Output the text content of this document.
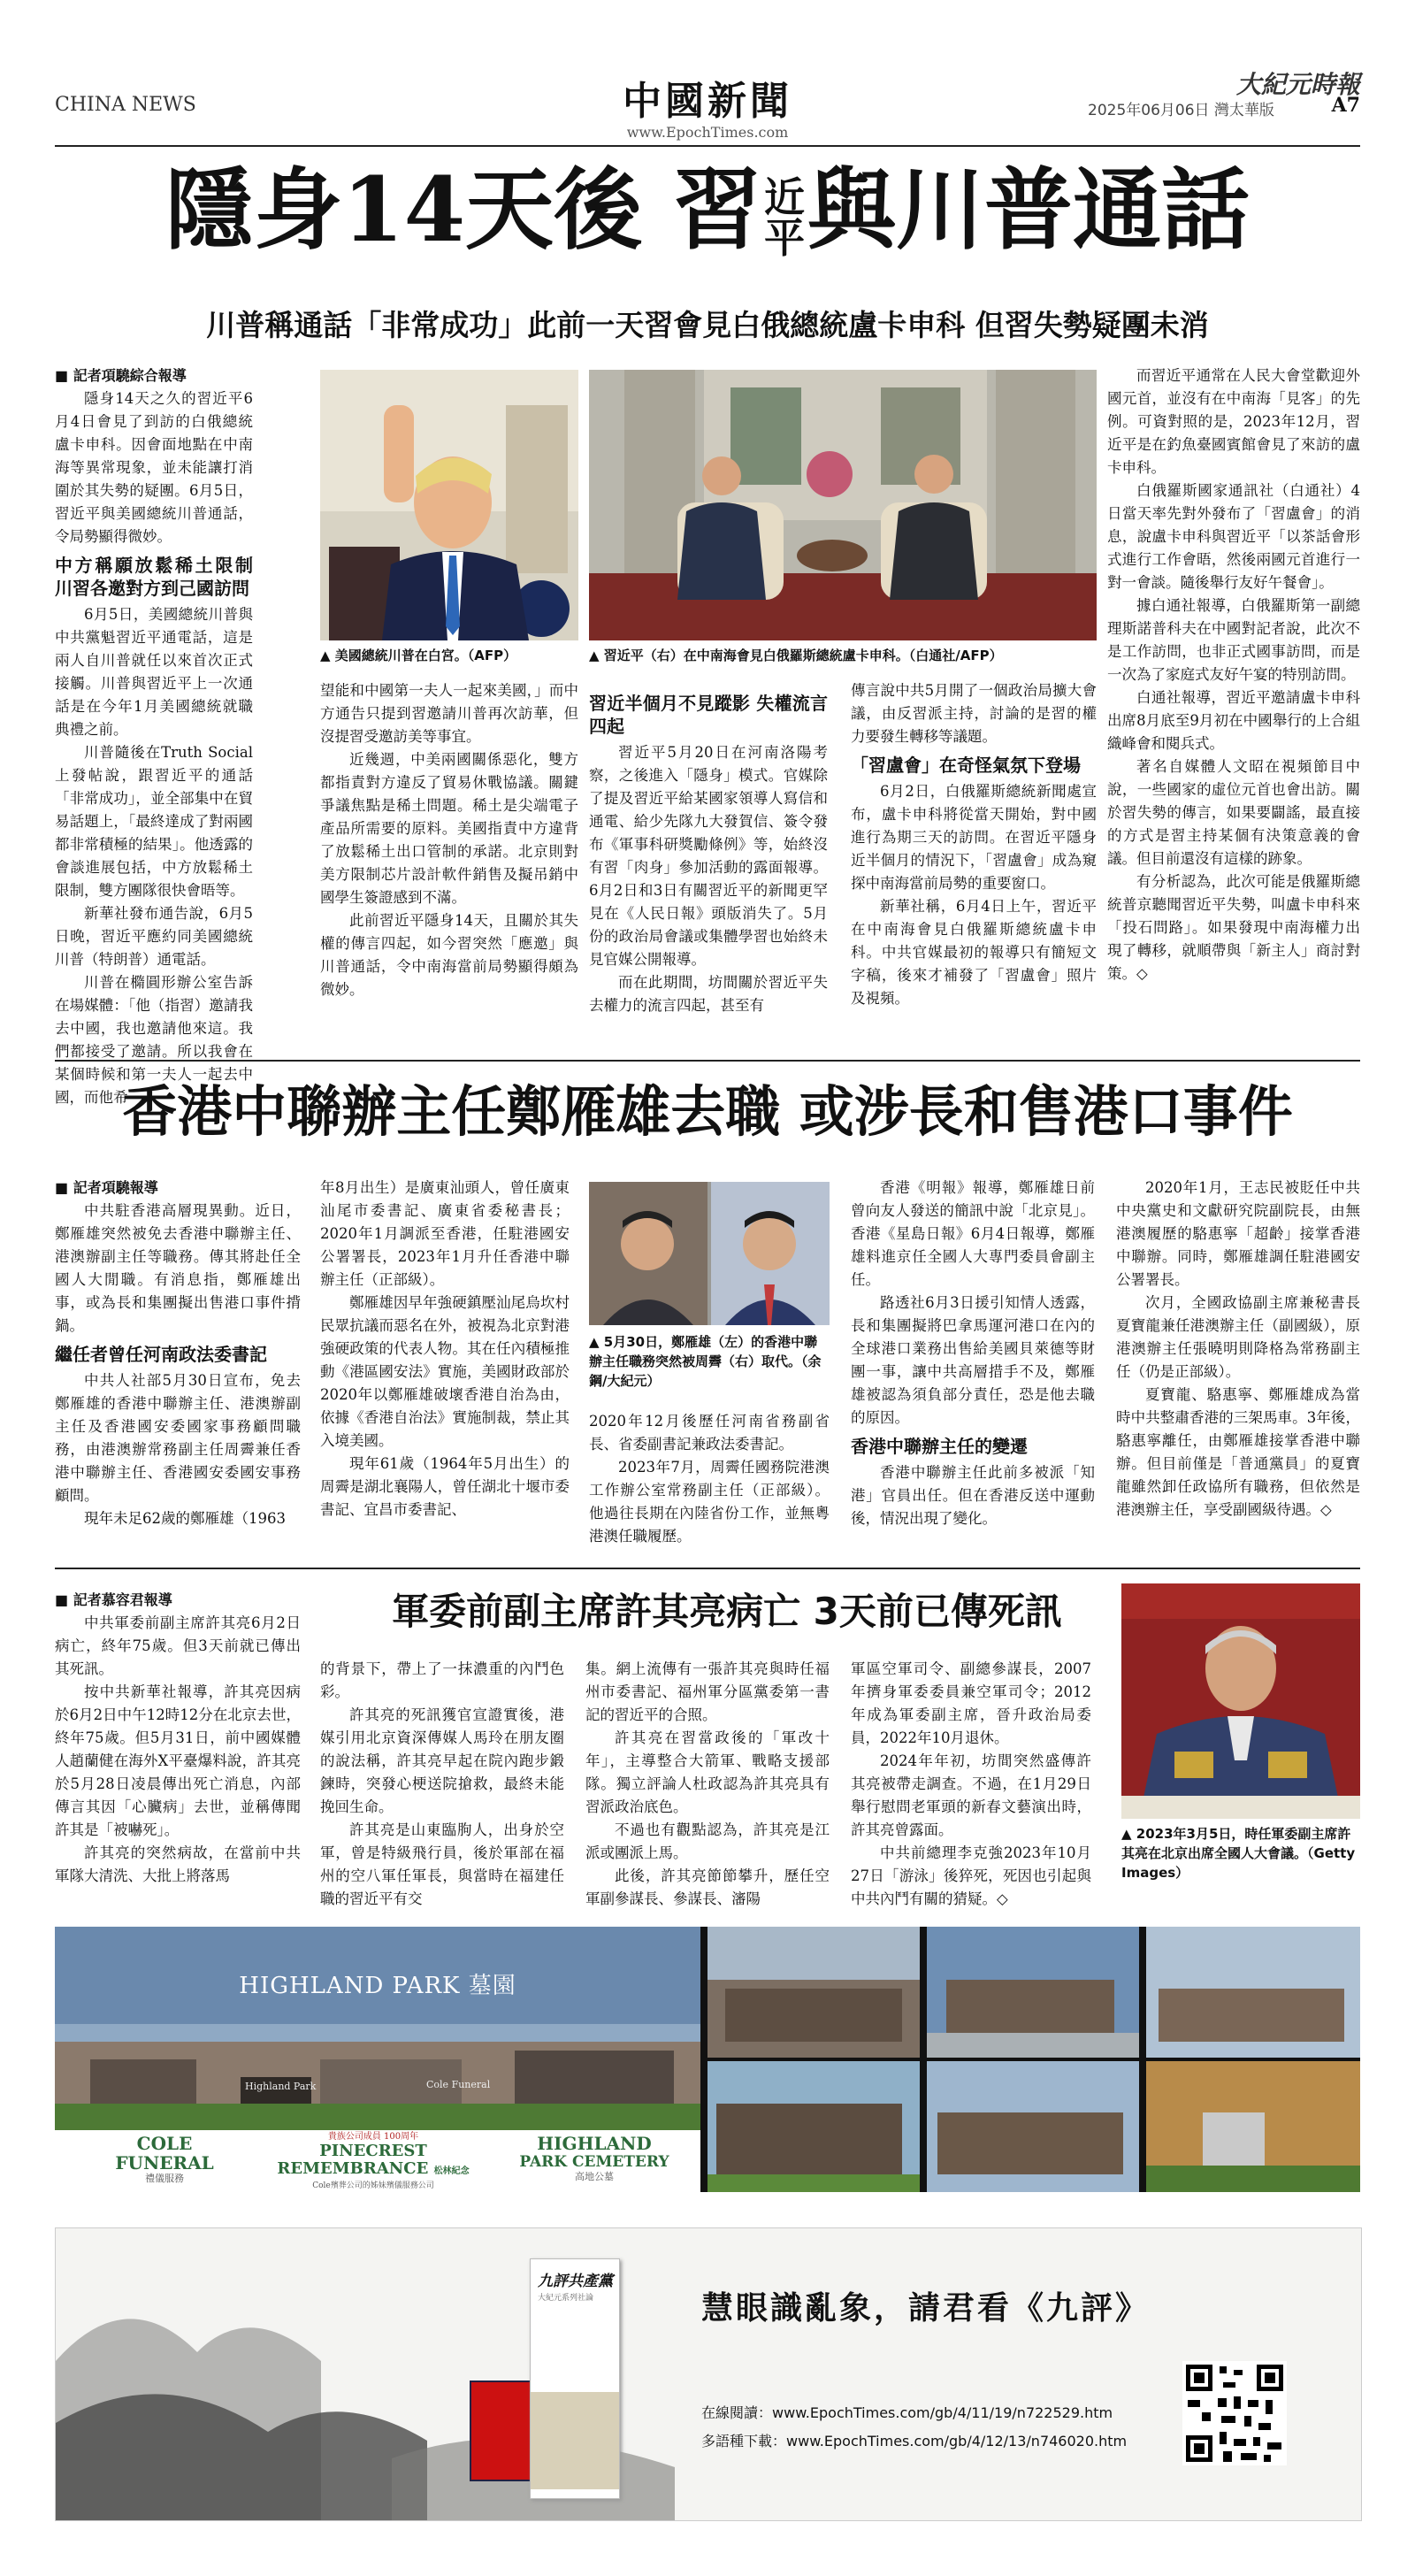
CHINA NEWS	中國新聞
www.EpochTimes.com
大紀元時報
2025年06月06日 灣太華版	A7
隱身14天後 習近平與川普通話
川普稱通話「非常成功」此前一天習會見白俄總統盧卡申科 但習失勢疑團未消

■ 記者項驍綜合報導

隱身14天之久的習近平6月4日會見了到訪的白俄總統盧卡申科。因會面地點在中南海等異常現象，並未能讓打消圍於其失勢的疑團。6月5日，習近平與美國總統川普通話，令局勢顯得微妙。

中方稱願放鬆稀土限制 川習各邀對方到己國訪問

6月5日，美國總統川普與中共黨魁習近平通電話，這是兩人自川普就任以來首次正式接觸。川普與習近平上一次通話是在今年1月美國總統就職典禮之前。

川普隨後在Truth Social上發帖說，跟習近平的通話「非常成功」，並全部集中在貿易話題上，「最終達成了對兩國都非常積極的結果」。他透露的會談進展包括，中方放鬆稀土限制，雙方團隊很快會晤等。

新華社發布通告說，6月5日晚，習近平應約同美國總統川普（特朗普）通電話。

川普在橢圓形辦公室告訴在場媒體：「他（指習）邀請我去中國，我也邀請他來這。我們都接受了邀請。所以我會在某個時候和第一夫人一起去中國，而他希

▲ 美國總統川普在白宮。（AFP）
▲	習近平（右）在中南海會見白俄羅斯總統盧卡申科。（白通社/AFP）

望能和中國第一夫人一起來美國，」而中方通告只提到習邀請川普再次訪華，但沒提習受邀訪美等事宜。

近幾週，中美兩國關係惡化，雙方都指責對方違反了貿易休戰協議。關鍵爭議焦點是稀土問題。稀土是尖端電子產品所需要的原料。美國指責中方違背了放鬆稀土出口管制的承諾。北京則對美方限制芯片設計軟件銷售及擬吊銷中國學生簽證感到不滿。

此前習近平隱身14天，且關於其失權的傳言四起，如今習突然「應邀」與川普通話，令中南海當前局勢顯得頗為微妙。

習近半個月不見蹤影 失權流言四起

習近平5月20日在河南洛陽考察，之後進入「隱身」模式。官媒除了提及習近平給某國家領導人寫信和通電、給少先隊九大發賀信、簽令發布《軍事科研獎勵條例》等，始終沒有習「肉身」參加活動的露面報導。6月2日和3日有關習近平的新聞更罕見在《人民日報》頭版消失了。5月份的政治局會議或集體學習也始終未見官媒公開報導。

而在此期間，坊間關於習近平失去權力的流言四起，甚至有

傳言說中共5月開了一個政治局擴大會議，由反習派主持，討論的是習的權力要發生轉移等議題。

「習盧會」在奇怪氣氛下登場

6月2日，白俄羅斯總統新聞處宣布，盧卡申科將從當天開始，對中國進行為期三天的訪問。在習近平隱身近半個月的情況下，「習盧會」成為窺探中南海當前局勢的重要窗口。

新華社稱，6月4日上午，習近平在中南海會見白俄羅斯總統盧卡申科。中共官媒最初的報導只有簡短文字稿，後來才補發了「習盧會」照片及視頻。

而習近平通常在人民大會堂歡迎外國元首，並沒有在中南海「見客」的先例。可資對照的是，2023年12月，習近平是在釣魚臺國賓館會見了來訪的盧卡申科。

白俄羅斯國家通訊社（白通社）4日當天率先對外發布了「習盧會」的消息，說盧卡申科與習近平「以茶話會形式進行工作會晤，然後兩國元首進行一對一會談。隨後舉行友好午餐會」。

據白通社報導，白俄羅斯第一副總理斯諾普科夫在中國對記者說，此次不是工作訪問，也非正式國事訪問，而是一次為了家庭式友好午宴的特別訪問。

白通社報導，習近平邀請盧卡申科出席8月底至9月初在中國舉行的上合組織峰會和閱兵式。

著名自媒體人文昭在視頻節目中說，一些國家的虛位元首也會出訪。關於習失勢的傳言，如果要闢謠，最直接的方式是習主持某個有決策意義的會議。但目前還沒有這樣的跡象。

有分析認為，此次可能是俄羅斯總統普京聽聞習近平失勢，叫盧卡申科來「投石問路」。如果發現中南海權力出現了轉移，就順帶與「新主人」商討對策。◇

香港中聯辦主任鄭雁雄去職 或涉長和售港口事件

■ 記者項驍報導

中共駐香港高層現異動。近日，鄭雁雄突然被免去香港中聯辦主任、港澳辦副主任等職務。傳其將赴任全國人大閒職。有消息指，鄭雁雄出事，或為長和集團擬出售港口事件揹鍋。

繼任者曾任河南政法委書記

中共人社部5月30日宣布，免去鄭雁雄的香港中聯辦主任、港澳辦副主任及香港國安委國家事務顧問職務，由港澳辦常務副主任周霽兼任香港中聯辦主任、香港國安委國安事務顧問。

現年未足62歲的鄭雁雄（1963

年8月出生）是廣東汕頭人，曾任廣東汕尾市委書記、廣東省委秘書長；2020年1月調派至香港，任駐港國安公署署長，2023年1月升任香港中聯辦主任（正部級）。

鄭雁雄因早年強硬鎮壓汕尾烏坎村民眾抗議而惡名在外，被視為北京對港強硬政策的代表人物。其在任內積極推動《港區國安法》實施，美國財政部於2020年以鄭雁雄破壞香港自治為由，依據《香港自治法》實施制裁，禁止其入境美國。

現年61歲（1964年5月出生）的周霽是湖北襄陽人，曾任湖北十堰市委書記、宜昌市委書記、

▲ 5月30日，鄭雁雄（左）的香港中聯辦主任職務突然被周霽（右）取代。（余鋼/大紀元）

2020年12月後歷任河南省務副省長、省委副書記兼政法委書記。

2023年7月，周霽任國務院港澳工作辦公室常務副主任（正部級）。他過往長期在內陸省份工作，並無粵港澳任職履歷。

香港《明報》報導，鄭雁雄日前曾向友人發送的簡訊中說「北京見」。香港《星島日報》6月4日報導，鄭雁雄料進京任全國人大專門委員會副主任。

路透社6月3日援引知情人透露，長和集團擬將巴拿馬運河港口在內的全球港口業務出售給美國貝萊德等財團一事，讓中共高層措手不及，鄭雁雄被認為須負部分責任，恐是他去職的原因。

香港中聯辦主任的變遷

香港中聯辦主任此前多被派「知港」官員出任。但在香港反送中運動後，情況出現了變化。

2020年1月，王志民被貶任中共中央黨史和文獻研究院副院長，由無港澳履歷的駱惠寧「超齡」接掌香港中聯辦。同時，鄭雁雄調任駐港國安公署署長。

次月，全國政協副主席兼秘書長夏寶龍兼任港澳辦主任（副國級），原港澳辦主任張曉明則降格為常務副主任（仍是正部級）。

夏寶龍、駱惠寧、鄭雁雄成為當時中共整肅香港的三架馬車。3年後，駱惠寧離任，由鄭雁雄接掌香港中聯辦。但目前僅是「普通黨員」的夏寶龍雖然卸任政協所有職務，但依然是港澳辦主任，享受副國級待遇。◇

軍委前副主席許其亮病亡 3天前已傳死訊

■ 記者慕容君報導

中共軍委前副主席許其亮6月2日病亡，終年75歲。但3天前就已傳出其死訊。

按中共新華社報導，許其亮因病於6月2日中午12時12分在北京去世，終年75歲。但5月31日，前中國媒體人趙蘭健在海外X平臺爆料說，許其亮於5月28日凌晨傳出死亡消息，內部傳言其因「心臟病」去世，並稱傳聞許其是「被嚇死」。

許其亮的突然病故，在當前中共軍隊大清洗、大批上將落馬

的背景下，帶上了一抹濃重的內鬥色彩。

許其亮的死訊獲官宣證實後，港媒引用北京資深傳媒人馬玲在朋友圈的說法稱，許其亮早起在院內跑步鍛鍊時，突發心梗送院搶救，最終未能挽回生命。

許其亮是山東臨朐人，出身於空軍，曾是特級飛行員，後於軍部在福州的空八軍任軍長，與當時在福建任職的習近平有交

集。網上流傳有一張許其亮與時任福州市委書記、福州軍分區黨委第一書記的習近平的合照。

許其亮在習當政後的「軍改十年」，主導整合大箭軍、戰略支援部隊。獨立評論人杜政認為許其亮具有習派政治底色。

不過也有觀點認為，許其亮是江派或團派上馬。

此後，許其亮節節攀升，歷任空軍副參謀長、參謀長、瀋陽

軍區空軍司令、副總參謀長，2007年擠身軍委委員兼空軍司令；2012年成為軍委副主席，晉升政治局委員，2022年10月退休。

2024年年初，坊間突然盛傳許其亮被帶走調查。不過，在1月29日舉行慰問老軍頭的新春文藝演出時，許其亮曾露面。

中共前總理李克強2023年10月27日「游泳」後猝死，死因也引起與中共內鬥有關的猜疑。◇

▲ 2023年3月5日，時任軍委副主席許其亮在北京出席全國人大會議。（Getty Images）
HIGHLAND PARK 墓園
Highland Park	Cole Funeral
COLE
FUNERAL
禮儀服務
貴族公司成員 100周年
PINECREST
REMEMBRANCE 松林紀念
Cole殯葬公司的姊妹殯儀服務公司
HIGHLAND
PARK CEMETERY
高地公墓
九評共產黨
大紀元系列社論	慧眼識亂象，請君看《九評》
在線閱讀：www.EpochTimes.com/gb/4/11/19/n722529.htm
多語種下載：www.EpochTimes.com/gb/4/12/13/n746020.htm
